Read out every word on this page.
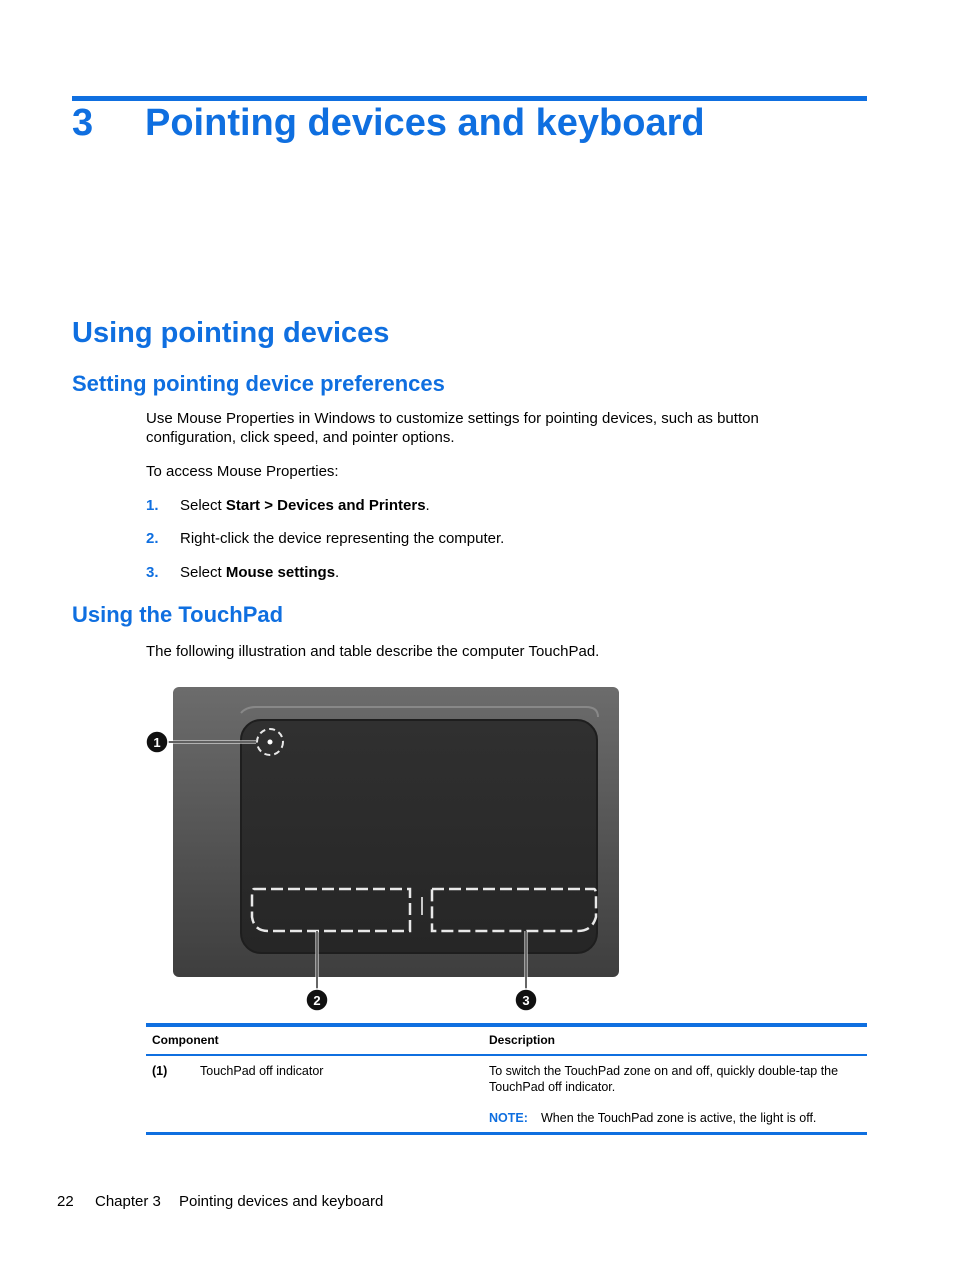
3 Pointing devices and keyboard
Using pointing devices
Setting pointing device preferences
Use Mouse Properties in Windows to customize settings for pointing devices, such as button configuration, click speed, and pointer options.
To access Mouse Properties:
1. Select Start > Devices and Printers.
2. Right-click the device representing the computer.
3. Select Mouse settings.
Using the TouchPad
The following illustration and table describe the computer TouchPad.
1
2	3
Component	Description
(1)	TouchPad off indicator	To switch the TouchPad zone on and off, quickly double-tap the TouchPad off indicator.
NOTE: When the TouchPad zone is active, the light is off.
22 Chapter 3 Pointing devices and keyboard
